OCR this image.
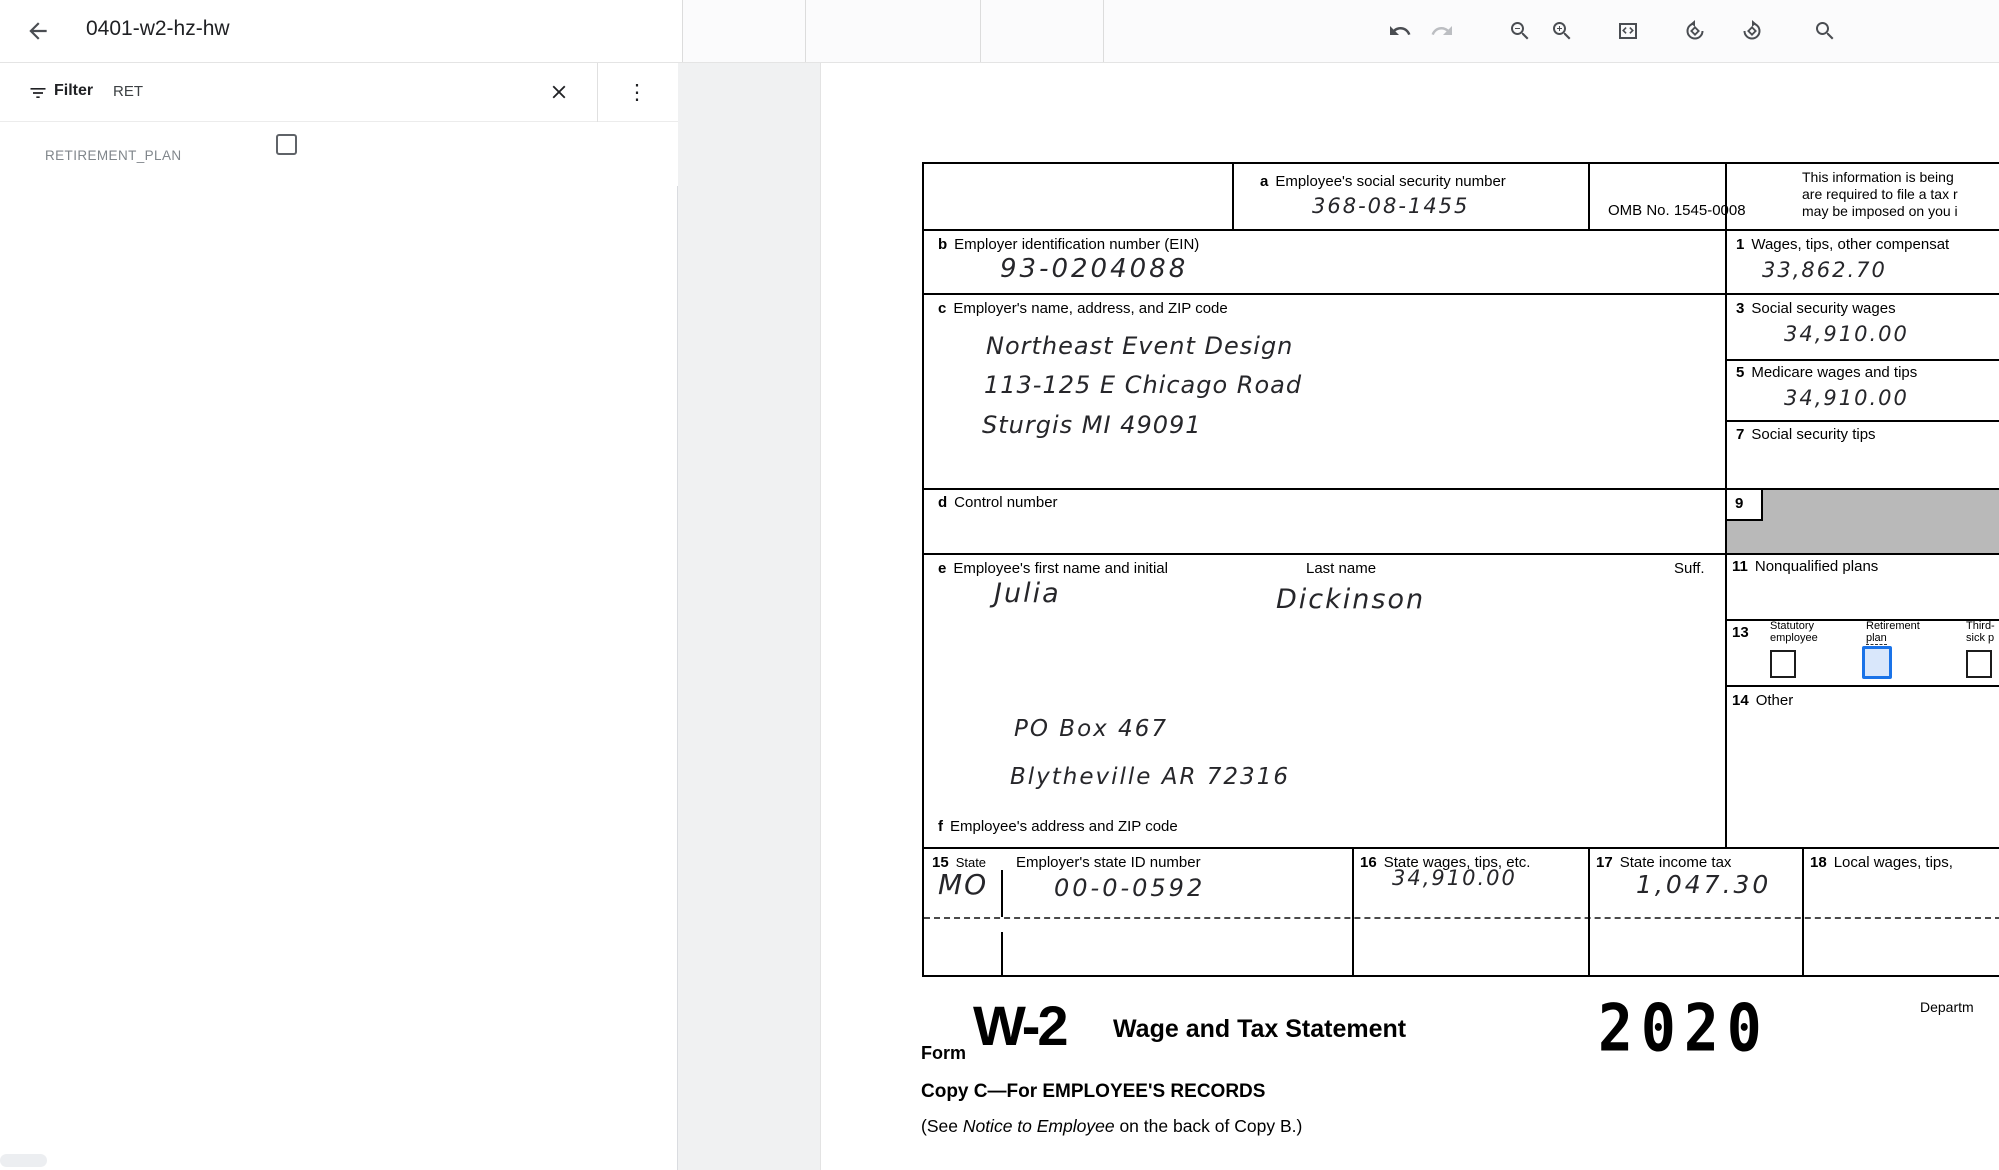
0401-w2-hz-hw
Filter RET	⋮
RETIREMENT_PLAN
a Employee's social security number
368-08-1455	OMB No. 1545-0008
This information is being
are required to file a tax r
may be imposed on you i
b Employer identification number (EIN)
93-0204088
c Employer's name, address, and ZIP code
Northeast Event Design
113-125 E Chicago Road
Sturgis MI 49091
d Control number
e Employee's first name and initial	Last name	Suff.
Julia	Dickinson
PO Box 467
Blytheville AR 72316
f Employee's address and ZIP code
1 Wages, tips, other compensat
33,862.70
3 Social security wages
34,910.00
5 Medicare wages and tips
34,910.00
7 Social security tips
9
11 Nonqualified plans
13 Statutory
employee
Retirement
plan
Third-
sick p
14 Other
15 State Employer's state ID number	16 State wages, tips, etc.	17 State income tax	18 Local wages, tips,
MO	00-0-0592	34,910.00	1,047.30
Form W-2 Wage and Tax Statement	2020	Departm
Copy C—For EMPLOYEE'S RECORDS
(See Notice to Employee on the back of Copy B.)
